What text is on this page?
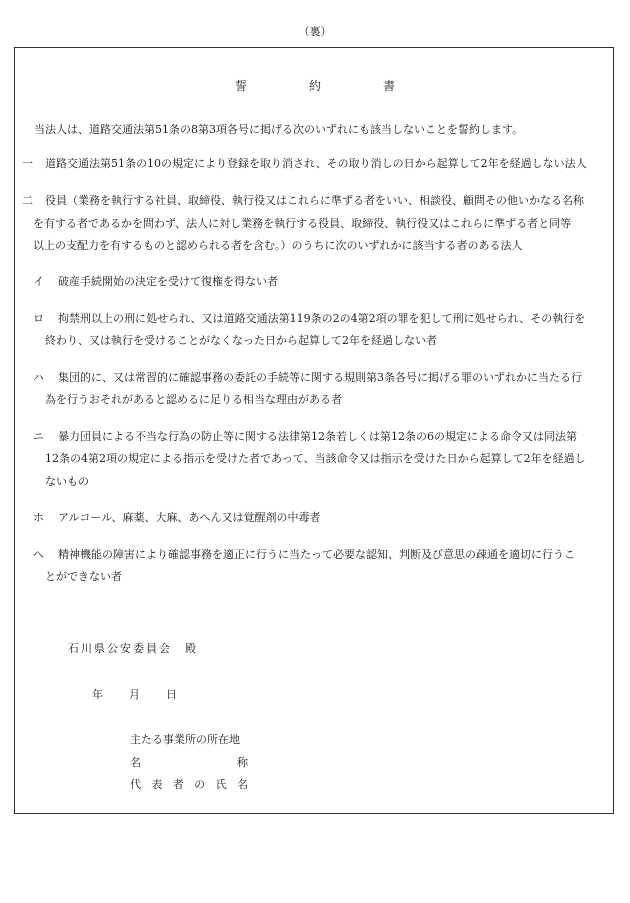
（裏）
誓	約	書
当法人は、道路交通法第51条の8第3項各号に掲げる次のいずれにも該当しないことを誓約します。
一 道路交通法第51条の10の規定により登録を取り消され、その取り消しの日から起算して2年を経過しない法人
二 役員（業務を執行する社員、取締役、執行役又はこれらに準ずる者をいい、相談役、顧問その他いかなる名称
を有する者であるかを問わず、法人に対し業務を執行する役員、取締役、執行役又はこれらに準ずる者と同等
以上の支配力を有するものと認められる者を含む。）のうちに次のいずれかに該当する者のある法人
イ 破産手続開始の決定を受けて復権を得ない者
ロ 拘禁刑以上の刑に処せられ、又は道路交通法第119条の2の4第2項の罪を犯して刑に処せられ、その執行を
終わり、又は執行を受けることがなくなった日から起算して2年を経過しない者
ハ 集団的に、又は常習的に確認事務の委託の手続等に関する規則第3条各号に掲げる罪のいずれかに当たる行
為を行うおそれがあると認めるに足りる相当な理由がある者
ニ 暴力団員による不当な行為の防止等に関する法律第12条若しくは第12条の6の規定による命令又は同法第
12条の4第2項の規定による指示を受けた者であって、当該命令又は指示を受けた日から起算して2年を経過し
ないもの
ホ アルコール、麻薬、大麻、あへん又は覚醒剤の中毒者
へ 精神機能の障害により確認事務を適正に行うに当たって必要な認知、判断及び意思の疎通を適切に行うこ
とができない者
石川県公安委員会　殿
年 月 日
主たる事業所の所在地
名	称
代 表 者 の 氏 名
